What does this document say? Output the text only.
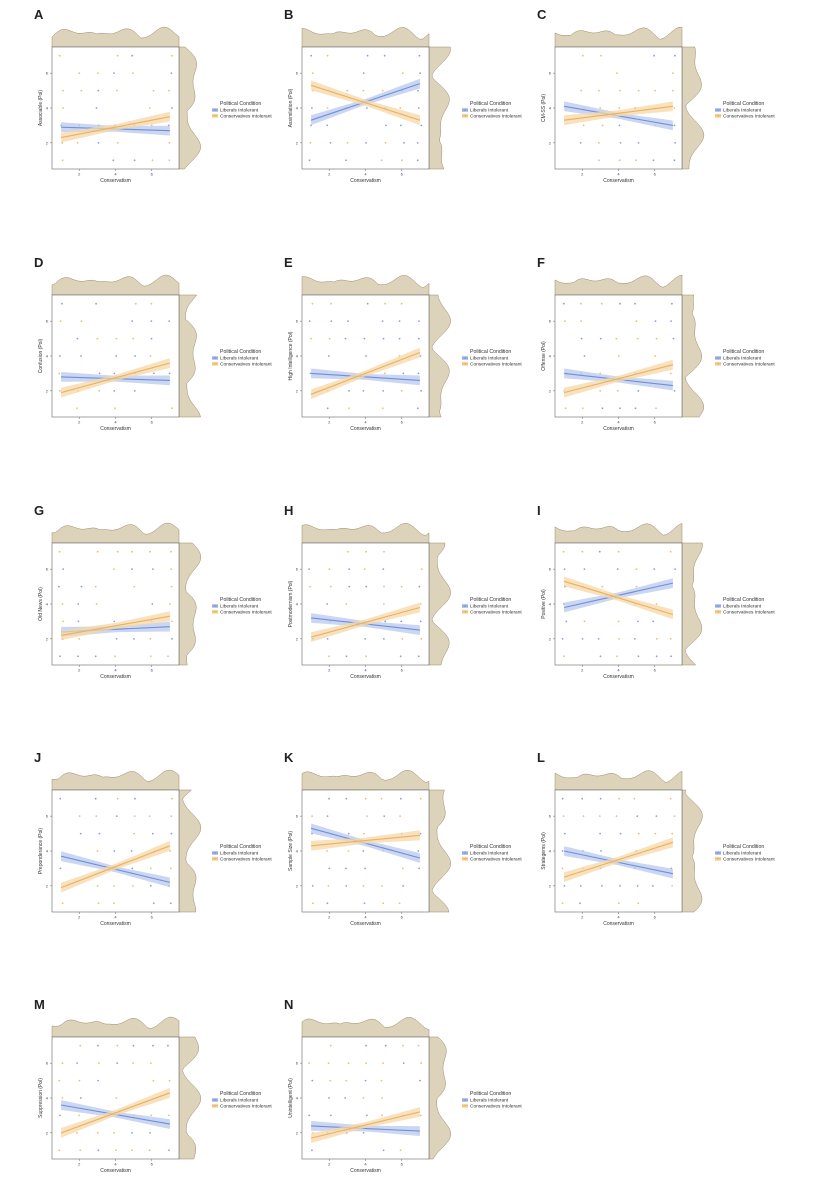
A
2	4	6
2
4
6
Conservatism
Associable (Pol)	Political Condition
Liberals Intolerant
Conservatives Intolerant
B
2	4	6
2
4
6
Conservatism
Assimilation (Pol)	Political Condition
Liberals Intolerant
Conservatives Intolerant
C
2	4	6
2
4
6
Conservatism
CM-SS (Pol)	Political Condition
Liberals Intolerant
Conservatives Intolerant
D
2	4	6
2
4
6
Conservatism
Confusion (Pol)	Political Condition
Liberals Intolerant
Conservatives Intolerant
E
2	4	6
2
4
6
Conservatism
High Intelligence (Pol)	Political Condition
Liberals Intolerant
Conservatives Intolerant
F
2	4	6
2
4
6
Conservatism
Offense (Pol)	Political Condition
Liberals Intolerant
Conservatives Intolerant
G
2	4	6
2
4
6
Conservatism
Old News (Pol)	Political Condition
Liberals Intolerant
Conservatives Intolerant
H
2	4	6
2
4
6
Conservatism
Postmodernism (Pol)	Political Condition
Liberals Intolerant
Conservatives Intolerant
I
2	4	6
2
4
6
Conservatism
Positive (Pol)	Political Condition
Liberals Intolerant
Conservatives Intolerant
J
2	4	6
2
4
6
Conservatism
Preponderance (Pol)	Political Condition
Liberals Intolerant
Conservatives Intolerant
K
2	4	6
2
4
6
Conservatism
Sample Size (Pol)	Political Condition
Liberals Intolerant
Conservatives Intolerant
L
2	4	6
2
4
6
Conservatism
Strategems (Pol)	Political Condition
Liberals Intolerant
Conservatives Intolerant
M
2	4	6
2
4
6
Conservatism
Suppression (Pol)	Political Condition
Liberals Intolerant
Conservatives Intolerant
N
2	4	6
2
4
6
Conservatism
Unintelligent (Pol)	Political Condition
Liberals Intolerant
Conservatives Intolerant
